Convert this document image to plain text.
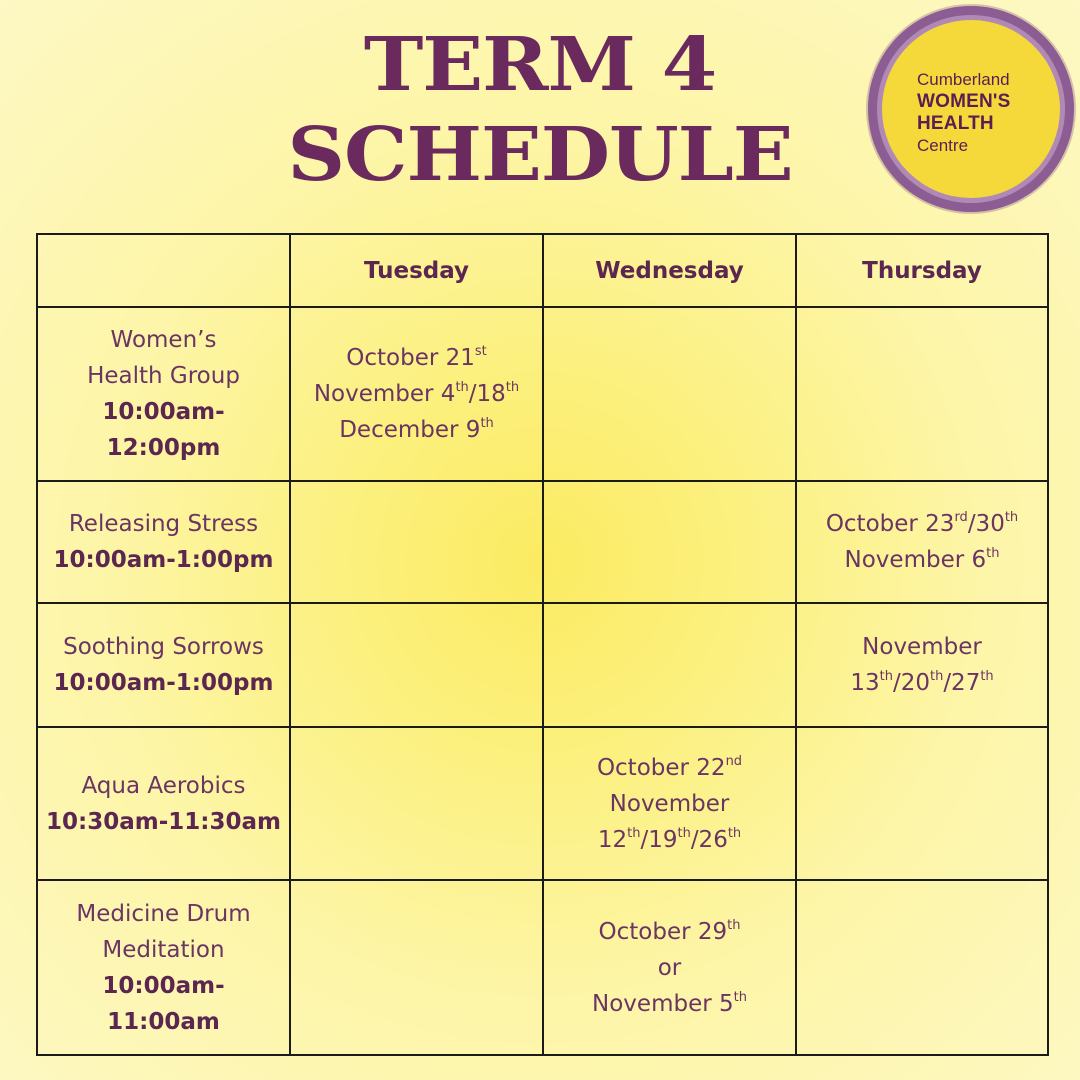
TERM 4
SCHEDULE
Cumberland
WOMEN'S
HEALTH
Centre
	Tuesday	Wednesday	Thursday

Women’s Health Group
10:00am-12:00pm	October 21st
November 4th/18th
December 9th

Releasing Stress
10:00am-1:00pm			October 23rd/30th
November 6th

Soothing Sorrows
10:00am-1:00pm			November
13th/20th/27th

Aqua Aerobics
10:30am-11:30am		October 22nd
November
12th/19th/26th

Medicine Drum Meditation
10:00am-11:00am		October 29th
or
November 5th
